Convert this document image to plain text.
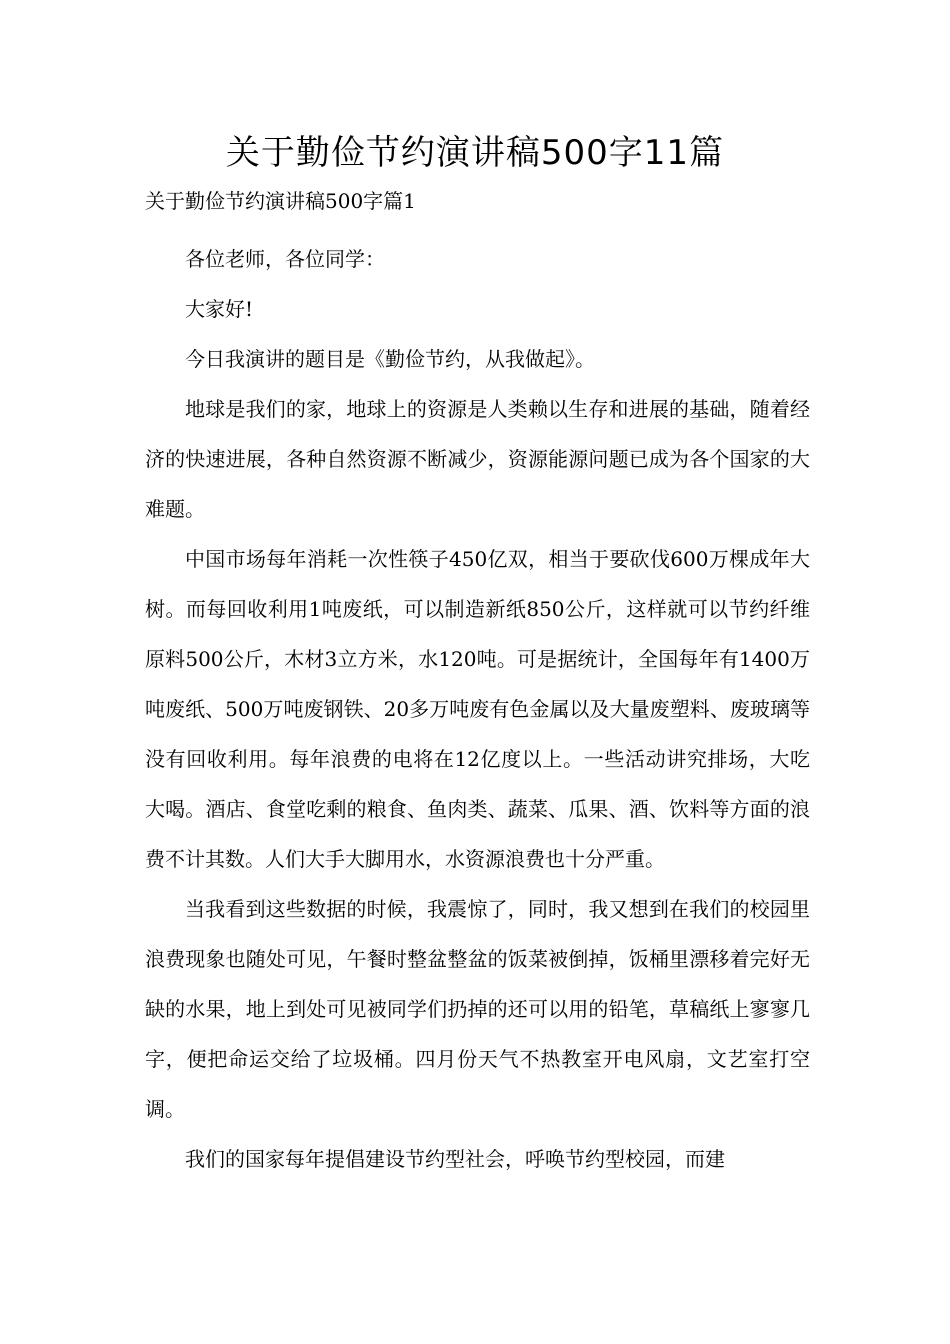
关于勤俭节约演讲稿500字11篇

关于勤俭节约演讲稿500字篇1

各位老师，各位同学：

大家好!

今日我演讲的题目是《勤俭节约，从我做起》。

地球是我们的家，地球上的资源是人类赖以生存和进展的基础，随着经济的快速进展，各种自然资源不断减少，资源能源问题已成为各个国家的大难题。

中国市场每年消耗一次性筷子450亿双，相当于要砍伐600万棵成年大树。而每回收利用1吨废纸，可以制造新纸850公斤，这样就可以节约纤维原料500公斤，木材3立方米，水120吨。可是据统计，全国每年有1400万吨废纸、500万吨废钢铁、20多万吨废有色金属以及大量废塑料、废玻璃等没有回收利用。每年浪费的电将在12亿度以上。一些活动讲究排场，大吃大喝。酒店、食堂吃剩的粮食、鱼肉类、蔬菜、瓜果、酒、饮料等方面的浪费不计其数。人们大手大脚用水，水资源浪费也十分严重。

当我看到这些数据的时候，我震惊了，同时，我又想到在我们的校园里浪费现象也随处可见，午餐时整盆整盆的饭菜被倒掉，饭桶里漂移着完好无缺的水果，地上到处可见被同学们扔掉的还可以用的铅笔，草稿纸上寥寥几字，便把命运交给了垃圾桶。四月份天气不热教室开电风扇，文艺室打空调。

我们的国家每年提倡建设节约型社会，呼唤节约型校园，而建
